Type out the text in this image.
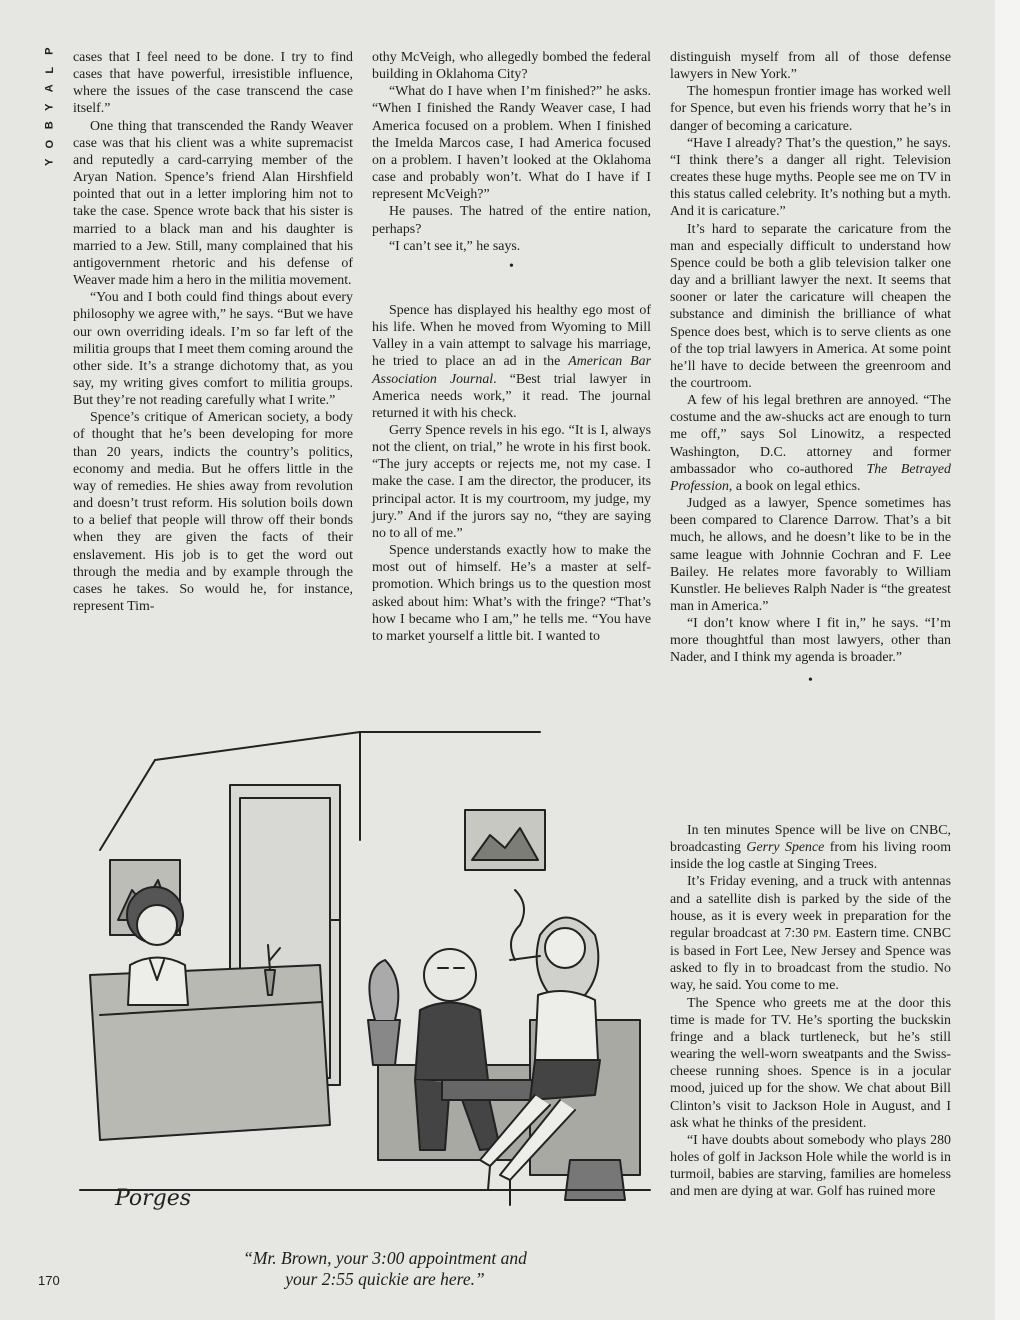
P
L
A
Y
B
O
Y

cases that I feel need to be done. I try to find cases that have powerful, irresistible influence, where the issues of the case transcend the case itself.”

One thing that transcended the Randy Weaver case was that his client was a white supremacist and reputedly a card-carrying member of the Aryan Nation. Spence’s friend Alan Hirshfield pointed that out in a letter imploring him not to take the case. Spence wrote back that his sister is married to a black man and his daughter is married to a Jew. Still, many complained that his antigovernment rhetoric and his defense of Weaver made him a hero in the militia movement.

“You and I both could find things about every philosophy we agree with,” he says. “But we have our own overriding ideals. I’m so far left of the militia groups that I meet them coming around the other side. It’s a strange dichotomy that, as you say, my writing gives comfort to militia groups. But they’re not reading carefully what I write.”

Spence’s critique of American society, a body of thought that he’s been developing for more than 20 years, indicts the country’s politics, economy and media. But he offers little in the way of remedies. He shies away from revolution and doesn’t trust reform. His solution boils down to a belief that people will throw off their bonds when they are given the facts of their enslavement. His job is to get the word out through the media and by example through the cases he takes. So would he, for instance, represent Tim-

othy McVeigh, who allegedly bombed the federal building in Oklahoma City?

“What do I have when I’m finished?” he asks. “When I finished the Randy Weaver case, I had America focused on a problem. When I finished the Imelda Marcos case, I had America focused on a problem. I haven’t looked at the Oklahoma case and probably won’t. What do I have if I represent McVeigh?”

He pauses. The hatred of the entire nation, perhaps?

“I can’t see it,” he says.

•

Spence has displayed his healthy ego most of his life. When he moved from Wyoming to Mill Valley in a vain attempt to salvage his marriage, he tried to place an ad in the American Bar Association Journal. “Best trial lawyer in America needs work,” it read. The journal returned it with his check.

Gerry Spence revels in his ego. “It is I, always not the client, on trial,” he wrote in his first book. “The jury accepts or rejects me, not my case. I make the case. I am the director, the producer, its principal actor. It is my courtroom, my judge, my jury.” And if the jurors say no, “they are saying no to all of me.”

Spence understands exactly how to make the most out of himself. He’s a master at self-promotion. Which brings us to the question most asked about him: What’s with the fringe? “That’s how I became who I am,” he tells me. “You have to market yourself a little bit. I wanted to

distinguish myself from all of those defense lawyers in New York.”

The homespun frontier image has worked well for Spence, but even his friends worry that he’s in danger of becoming a caricature.

“Have I already? That’s the question,” he says. “I think there’s a danger all right. Television creates these huge myths. People see me on TV in this status called celebrity. It’s nothing but a myth. And it is caricature.”

It’s hard to separate the caricature from the man and especially difficult to understand how Spence could be both a glib television talker one day and a brilliant lawyer the next. It seems that sooner or later the caricature will cheapen the substance and diminish the brilliance of what Spence does best, which is to serve clients as one of the top trial lawyers in America. At some point he’ll have to decide between the greenroom and the courtroom.

A few of his legal brethren are annoyed. “The costume and the aw-shucks act are enough to turn me off,” says Sol Linowitz, a respected Washington, D.C. attorney and former ambassador who co-authored The Betrayed Profession, a book on legal ethics.

Judged as a lawyer, Spence sometimes has been compared to Clarence Darrow. That’s a bit much, he allows, and he doesn’t like to be in the same league with Johnnie Cochran and F. Lee Bailey. He relates more favorably to William Kunstler. He believes Ralph Nader is “the greatest man in America.”

“I don’t know where I fit in,” he says. “I’m more thoughtful than most lawyers, other than Nader, and I think my agenda is broader.”

•

In ten minutes Spence will be live on CNBC, broadcasting Gerry Spence from his living room inside the log castle at Singing Trees.

It’s Friday evening, and a truck with antennas and a satellite dish is parked by the side of the house, as it is every week in preparation for the regular broadcast at 7:30 PM. Eastern time. CNBC is based in Fort Lee, New Jersey and Spence was asked to fly in to broadcast from the studio. No way, he said. You come to me.

The Spence who greets me at the door this time is made for TV. He’s sporting the buckskin fringe and a black turtleneck, but he’s still wearing the well-worn sweatpants and the Swiss-cheese running shoes. Spence is in a jocular mood, juiced up for the show. We chat about Bill Clinton’s visit to Jackson Hole in August, and I ask what he thinks of the president.

“I have doubts about somebody who plays 280 holes of golf in Jackson Hole while the world is in turmoil, babies are starving, families are homeless and men are dying at war. Golf has ruined more

Porges
“Mr. Brown, your 3:00 appointment and
your 2:55 quickie are here.”
170
